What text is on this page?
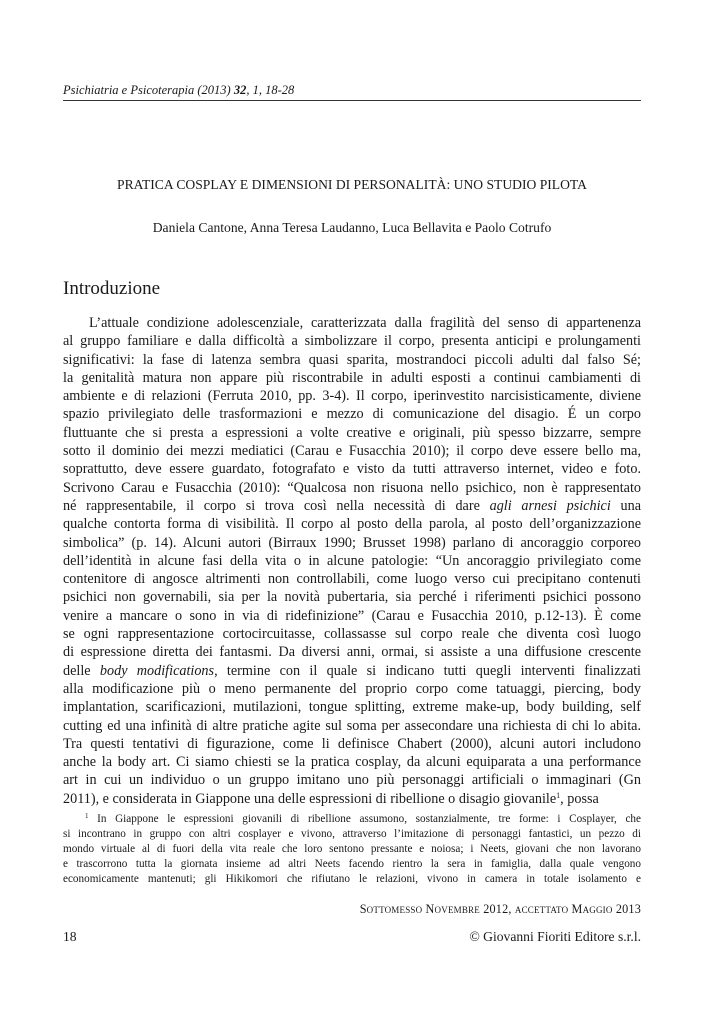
Psichiatria e Psicoterapia (2013) 32, 1, 18-28
PRATICA COSPLAY E DIMENSIONI DI PERSONALITÀ: UNO STUDIO PILOTA
Daniela Cantone, Anna Teresa Laudanno, Luca Bellavita e Paolo Cotrufo
Introduzione
L’attuale condizione adolescenziale, caratterizzata dalla fragilità del senso di appartenenza
al gruppo familiare e dalla difficoltà a simbolizzare il corpo, presenta anticipi e prolungamenti
significativi: la fase di latenza sembra quasi sparita, mostrandoci piccoli adulti dal falso Sé;
la genitalità matura non appare più riscontrabile in adulti esposti a continui cambiamenti di
ambiente e di relazioni (Ferruta 2010, pp. 3-4). Il corpo, iperinvestito narcisisticamente, diviene
spazio privilegiato delle trasformazioni e mezzo di comunicazione del disagio. É un corpo
fluttuante che si presta a espressioni a volte creative e originali, più spesso bizzarre, sempre
sotto il dominio dei mezzi mediatici (Carau e Fusacchia 2010); il corpo deve essere bello ma,
soprattutto, deve essere guardato, fotografato e visto da tutti attraverso internet, video e foto.
Scrivono Carau e Fusacchia (2010): “Qualcosa non risuona nello psichico, non è rappresentato
né rappresentabile, il corpo si trova così nella necessità di dare agli arnesi psichici una
qualche contorta forma di visibilità. Il corpo al posto della parola, al posto dell’organizzazione
simbolica” (p. 14). Alcuni autori (Birraux 1990; Brusset 1998) parlano di ancoraggio corporeo
dell’identità in alcune fasi della vita o in alcune patologie: “Un ancoraggio privilegiato come
contenitore di angosce altrimenti non controllabili, come luogo verso cui precipitano contenuti
psichici non governabili, sia per la novità pubertaria, sia perché i riferimenti psichici possono
venire a mancare o sono in via di ridefinizione” (Carau e Fusacchia 2010, p.12-13). È come
se ogni rappresentazione cortocircuitasse, collassasse sul corpo reale che diventa così luogo
di espressione diretta dei fantasmi. Da diversi anni, ormai, si assiste a una diffusione crescente
delle body modifications, termine con il quale si indicano tutti quegli interventi finalizzati
alla modificazione più o meno permanente del proprio corpo come tatuaggi, piercing, body
implantation, scarificazioni, mutilazioni, tongue splitting, extreme make-up, body building, self
cutting ed una infinità di altre pratiche agite sul soma per assecondare una richiesta di chi lo abita.
Tra questi tentativi di figurazione, come li definisce Chabert (2000), alcuni autori includono
anche la body art. Ci siamo chiesti se la pratica cosplay, da alcuni equiparata a una performance
art in cui un individuo o un gruppo imitano uno più personaggi artificiali o immaginari (Gn
2011), e considerata in Giappone una delle espressioni di ribellione o disagio giovanile$^1$, possa
$^1$ In Giappone le espressioni giovanili di ribellione assumono, sostanzialmente, tre forme: i Cosplayer, che
si incontrano in gruppo con altri cosplayer e vivono, attraverso l’imitazione di personaggi fantastici, un pezzo di
mondo virtuale al di fuori della vita reale che loro sentono pressante e noiosa; i Neets, giovani che non lavorano
e trascorrono tutta la giornata insieme ad altri Neets facendo rientro la sera in famiglia, dalla quale vengono
economicamente mantenuti; gli Hikikomori che rifiutano le relazioni, vivono in camera in totale isolamento e
Sottomesso Novembre 2012, accettato Maggio 2013
18	© Giovanni Fioriti Editore s.r.l.
